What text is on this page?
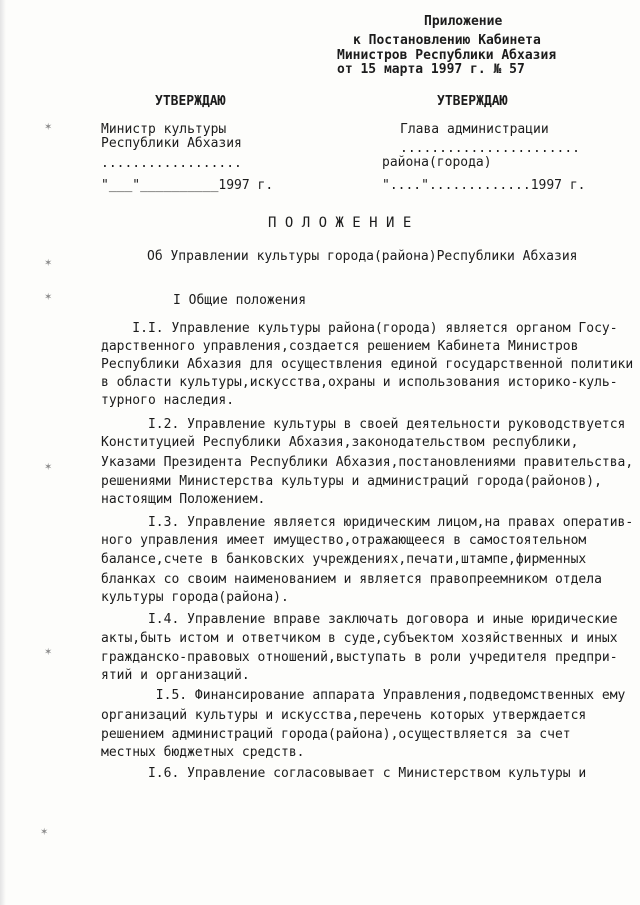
Приложение
к Постановлению Кабинета
Министров Республики Абхазия
от 15 марта 1997 г. № 57
УТВЕРЖДАЮ
Министр культуры
Республики Абхазия
..................
"___"__________1997 г.
УТВЕРЖДАЮ
Глава администрации
.......................
района(города)
"....".............1997 г.
П О Л О Ж Е Н И Е
Об Управлении культуры города(района)Республики Абхазия
I Общие положения
I.I. Управление культуры района(города) является органом Госу-
дарственного управления,создается решением Кабинета Министров
Республики Абхазия для осуществления единой государственной политики
в области культуры,искусства,охраны и использования историко-куль-
турного наследия.
I.2. Управление культуры в своей деятельности руководствуется
Конституцией Республики Абхазия,законодательством республики,
Указами Президента Республики Абхазия,постановлениями правительства,
решениями Министерства культуры и администраций города(районов),
настоящим Положением.
I.3. Управление является юридическим лицом,на правах оператив-
ного управления имеет имущество,отражающееся в самостоятельном
балансе,счете в банковских учреждениях,печати,штампе,фирменных
бланках со своим наименованием и является правопреемником отдела
культуры города(района).
I.4. Управление вправе заключать договора и иные юридические
акты,быть истом и ответчиком в суде,субъектом хозяйственных и иных
гражданско-правовых отношений,выступать в роли учредителя предпри-
ятий и организаций.
I.5. Финансирование аппарата Управления,подведомственных ему
организаций культуры и искусства,перечень которых утверждается
решением администраций города(района),осуществляется за счет
местных бюджетных средств.
I.6. Управление согласовывает с Министерством культуры и
✶
✶
✶
✶
✶
✶
